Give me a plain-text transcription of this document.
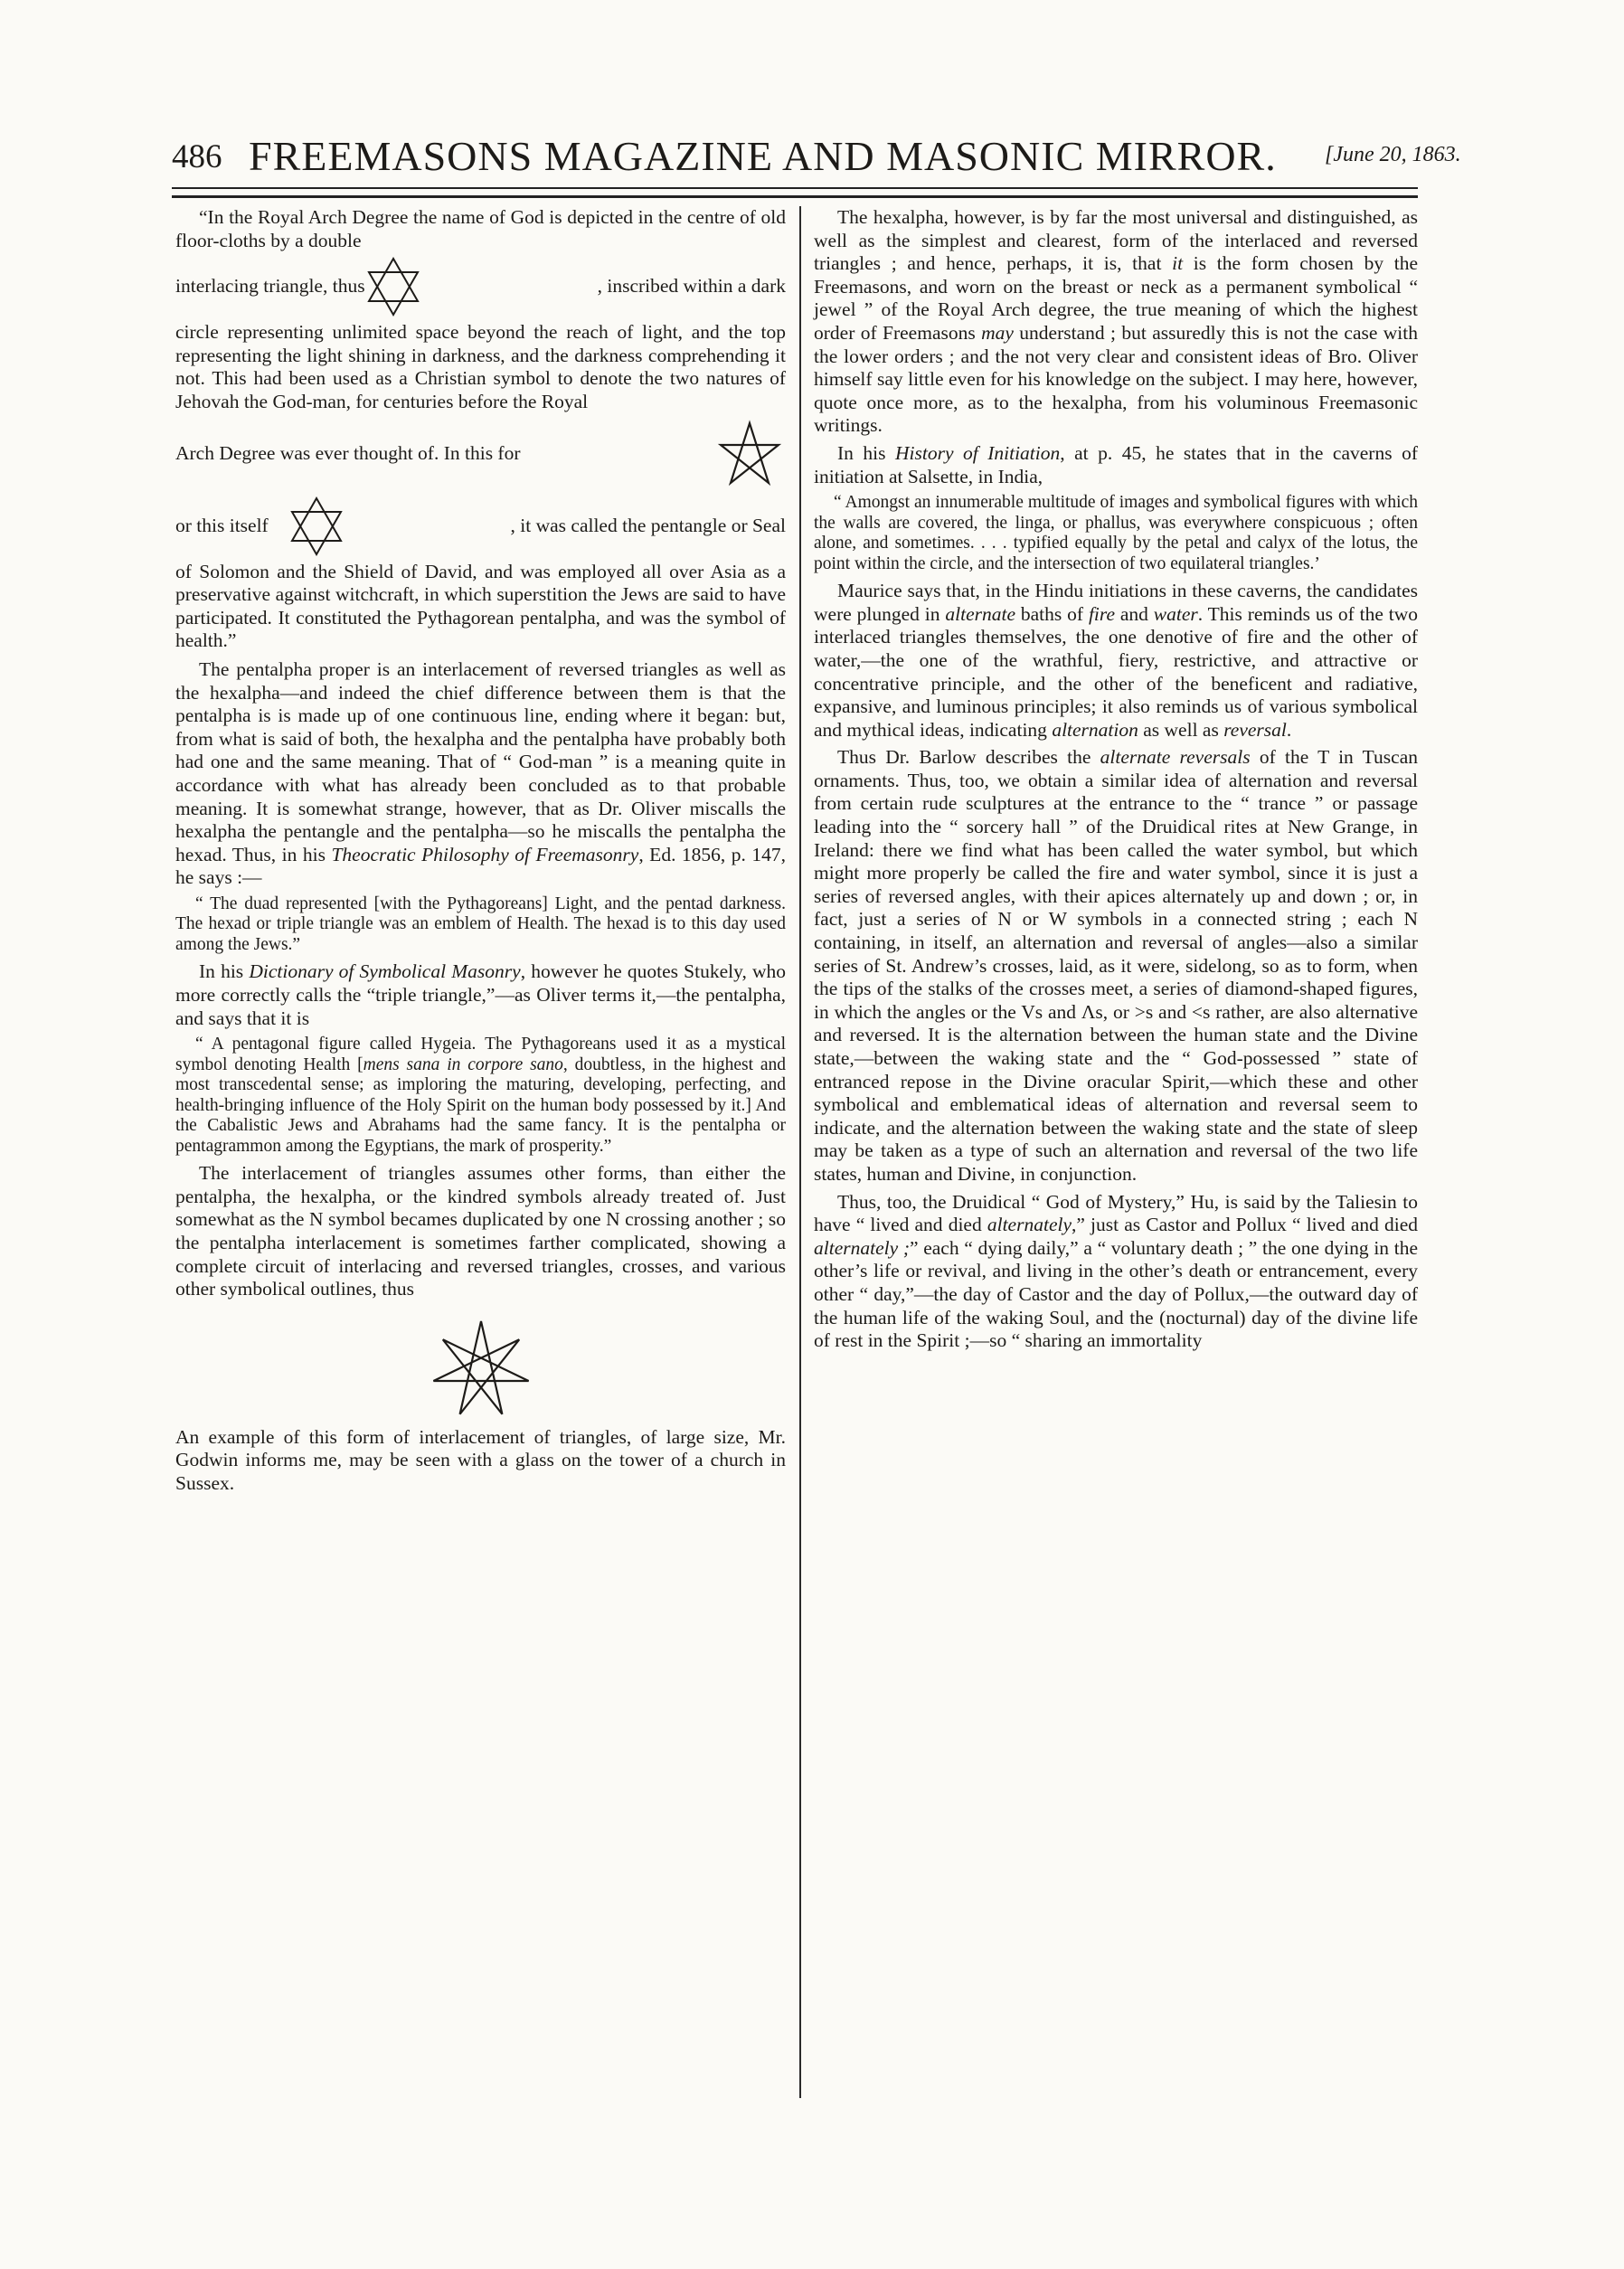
486 FREEMASONS MAGAZINE AND MASONIC MIRROR. [June 20, 1863.

“In the Royal Arch Degree the name of God is depicted in the centre of old floor-cloths by a double

interlacing triangle, thus	, inscribed within a dark

circle representing unlimited space beyond the reach of light, and the top representing the light shining in darkness, and the darkness comprehending it not. This had been used as a Christian symbol to denote the two natures of Jehovah the God-man, for centuries before the Royal

Arch Degree was ever thought of. In this for
or this itself	, it was called the pentangle or Seal

of Solomon and the Shield of David, and was employed all over Asia as a preservative against witchcraft, in which superstition the Jews are said to have participated. It constituted the Pythagorean pentalpha, and was the symbol of health.”

The pentalpha proper is an interlacement of reversed triangles as well as the hexalpha—and indeed the chief difference between them is that the pentalpha is is made up of one continuous line, ending where it began: but, from what is said of both, the hexalpha and the pentalpha have probably both had one and the same meaning. That of “ God-man ” is a meaning quite in accordance with what has already been concluded as to that probable meaning. It is somewhat strange, however, that as Dr. Oliver miscalls the hexalpha the pentangle and the pentalpha—so he miscalls the pentalpha the hexad. Thus, in his Theocratic Philosophy of Freemasonry, Ed. 1856, p. 147, he says :—

“ The duad represented [with the Pythagoreans] Light, and the pentad darkness. The hexad or triple triangle was an emblem of Health. The hexad is to this day used among the Jews.”

In his Dictionary of Symbolical Masonry, however he quotes Stukely, who more correctly calls the “triple triangle,”—as Oliver terms it,—the pentalpha, and says that it is

“ A pentagonal figure called Hygeia. The Pythagoreans used it as a mystical symbol denoting Health [mens sana in corpore sano, doubtless, in the highest and most transcedental sense; as imploring the maturing, developing, perfecting, and health-bringing influence of the Holy Spirit on the human body possessed by it.] And the Cabalistic Jews and Abrahams had the same fancy. It is the pentalpha or pentagrammon among the Egyptians, the mark of prosperity.”

The interlacement of triangles assumes other forms, than either the pentalpha, the hexalpha, or the kindred symbols already treated of. Just somewhat as the N symbol becames duplicated by one N crossing another ; so the pentalpha interlacement is sometimes farther complicated, showing a complete circuit of interlacing and reversed triangles, crosses, and various other symbolical outlines, thus

An example of this form of interlacement of triangles, of large size, Mr. Godwin informs me, may be seen with a glass on the tower of a church in Sussex.

The hexalpha, however, is by far the most universal and distinguished, as well as the simplest and clearest, form of the interlaced and reversed triangles ; and hence, perhaps, it is, that it is the form chosen by the Freemasons, and worn on the breast or neck as a permanent symbolical “ jewel ” of the Royal Arch degree, the true meaning of which the highest order of Freemasons may understand ; but assuredly this is not the case with the lower orders ; and the not very clear and consistent ideas of Bro. Oliver himself say little even for his knowledge on the subject. I may here, however, quote once more, as to the hexalpha, from his voluminous Freemasonic writings.

In his History of Initiation, at p. 45, he states that in the caverns of initiation at Salsette, in India,

“ Amongst an innumerable multitude of images and symbolical figures with which the walls are covered, the linga, or phallus, was everywhere conspicuous ; often alone, and sometimes. . . . typified equally by the petal and calyx of the lotus, the point within the circle, and the intersection of two equilateral triangles.’

Maurice says that, in the Hindu initiations in these caverns, the candidates were plunged in alternate baths of fire and water. This reminds us of the two interlaced triangles themselves, the one denotive of fire and the other of water,—the one of the wrathful, fiery, restrictive, and attractive or concentrative principle, and the other of the beneficent and radiative, expansive, and luminous principles; it also reminds us of various symbolical and mythical ideas, indicating alternation as well as reversal.

Thus Dr. Barlow describes the alternate reversals of the T in Tuscan ornaments. Thus, too, we obtain a similar idea of alternation and reversal from certain rude sculptures at the entrance to the “ trance ” or passage leading into the “ sorcery hall ” of the Druidical rites at New Grange, in Ireland: there we find what has been called the water symbol, but which might more properly be called the fire and water symbol, since it is just a series of reversed angles, with their apices alternately up and down ; or, in fact, just a series of N or W symbols in a connected string ; each N containing, in itself, an alternation and reversal of angles—also a similar series of St. Andrew’s crosses, laid, as it were, sidelong, so as to form, when the tips of the stalks of the crosses meet, a series of diamond-shaped figures, in which the angles or the Vs and Λs, or >s and <s rather, are also alternative and reversed. It is the alternation between the human state and the Divine state,—between the waking state and the “ God-possessed ” state of entranced repose in the Divine oracular Spirit,—which these and other symbolical and emblematical ideas of alternation and reversal seem to indicate, and the alternation between the waking state and the state of sleep may be taken as a type of such an alternation and reversal of the two life states, human and Divine, in conjunction.

Thus, too, the Druidical “ God of Mystery,” Hu, is said by the Taliesin to have “ lived and died alternately,” just as Castor and Pollux “ lived and died alternately ;” each “ dying daily,” a “ voluntary death ; ” the one dying in the other’s life or revival, and living in the other’s death or entrancement, every other “ day,”—the day of Castor and the day of Pollux,—the outward day of the human life of the waking Soul, and the (nocturnal) day of the divine life of rest in the Spirit ;—so “ sharing an immortality
